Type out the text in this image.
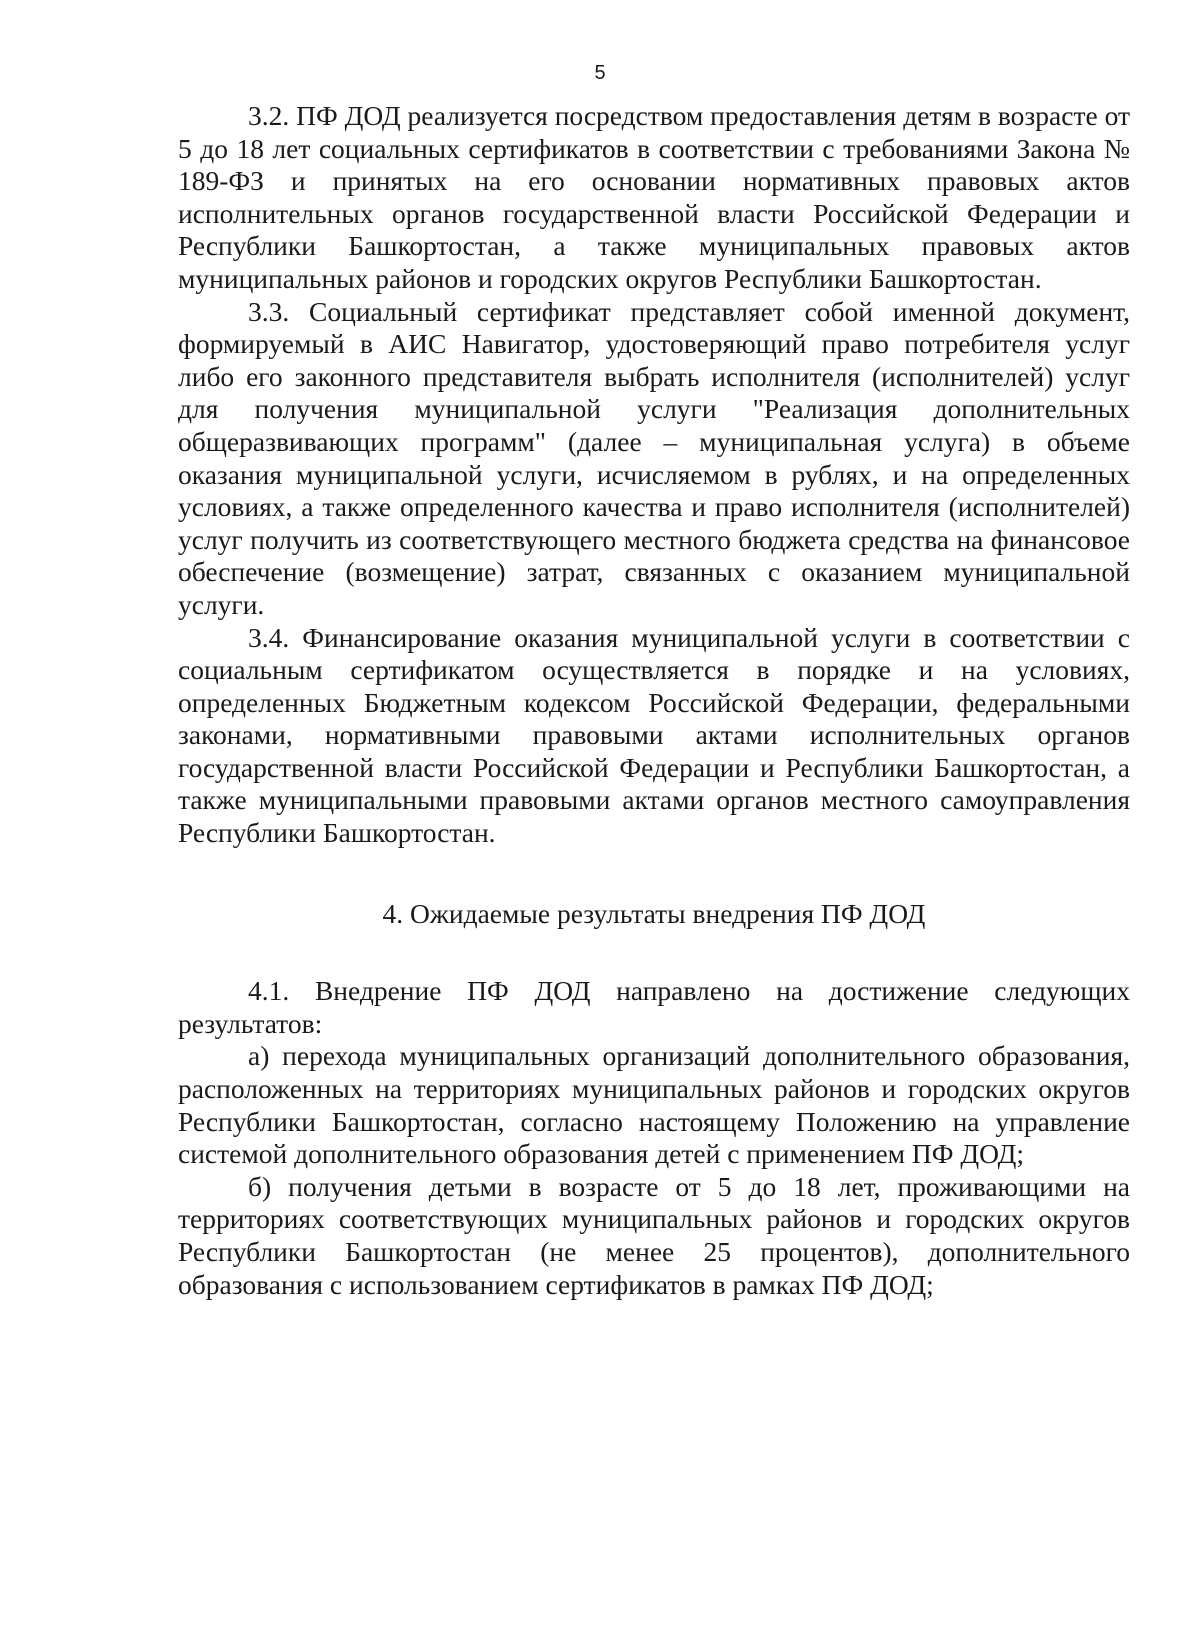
5

3.2. ПФ ДОД реализуется посредством предоставления детям в возрасте от 5 до 18 лет социальных сертификатов в соответствии с требованиями Закона № 189-ФЗ и принятых на его основании нормативных правовых актов исполнительных органов государственной власти Российской Федерации и Республики Башкортостан, а также муниципальных правовых актов муниципальных районов и городских округов Республики Башкортостан.

3.3. Социальный сертификат представляет собой именной документ, формируемый в АИС Навигатор, удостоверяющий право потребителя услуг либо его законного представителя выбрать исполнителя (исполнителей) услуг для получения муниципальной услуги "Реализация дополнительных общеразвивающих программ" (далее – муниципальная услуга) в объеме оказания муниципальной услуги, исчисляемом в рублях, и на определенных условиях, а также определенного качества и право исполнителя (исполнителей) услуг получить из соответствующего местного бюджета средства на финансовое обеспечение (возмещение) затрат, связанных с оказанием муниципальной услуги.

3.4. Финансирование оказания муниципальной услуги в соответствии с социальным сертификатом осуществляется в порядке и на условиях, определенных Бюджетным кодексом Российской Федерации, федеральными законами, нормативными правовыми актами исполнительных органов государственной власти Российской Федерации и Республики Башкортостан, а также муниципальными правовыми актами органов местного самоуправления Республики Башкортостан.

4. Ожидаемые результаты внедрения ПФ ДОД

4.1. Внедрение ПФ ДОД направлено на достижение следующих результатов:

а) перехода муниципальных организаций дополнительного образования, расположенных на территориях муниципальных районов и городских округов Республики Башкортостан, согласно настоящему Положению на управление системой дополнительного образования детей с применением ПФ ДОД;

б) получения детьми в возрасте от 5 до 18 лет, проживающими на территориях соответствующих муниципальных районов и городских округов Республики Башкортостан (не менее 25 процентов), дополнительного образования с использованием сертификатов в рамках ПФ ДОД;
